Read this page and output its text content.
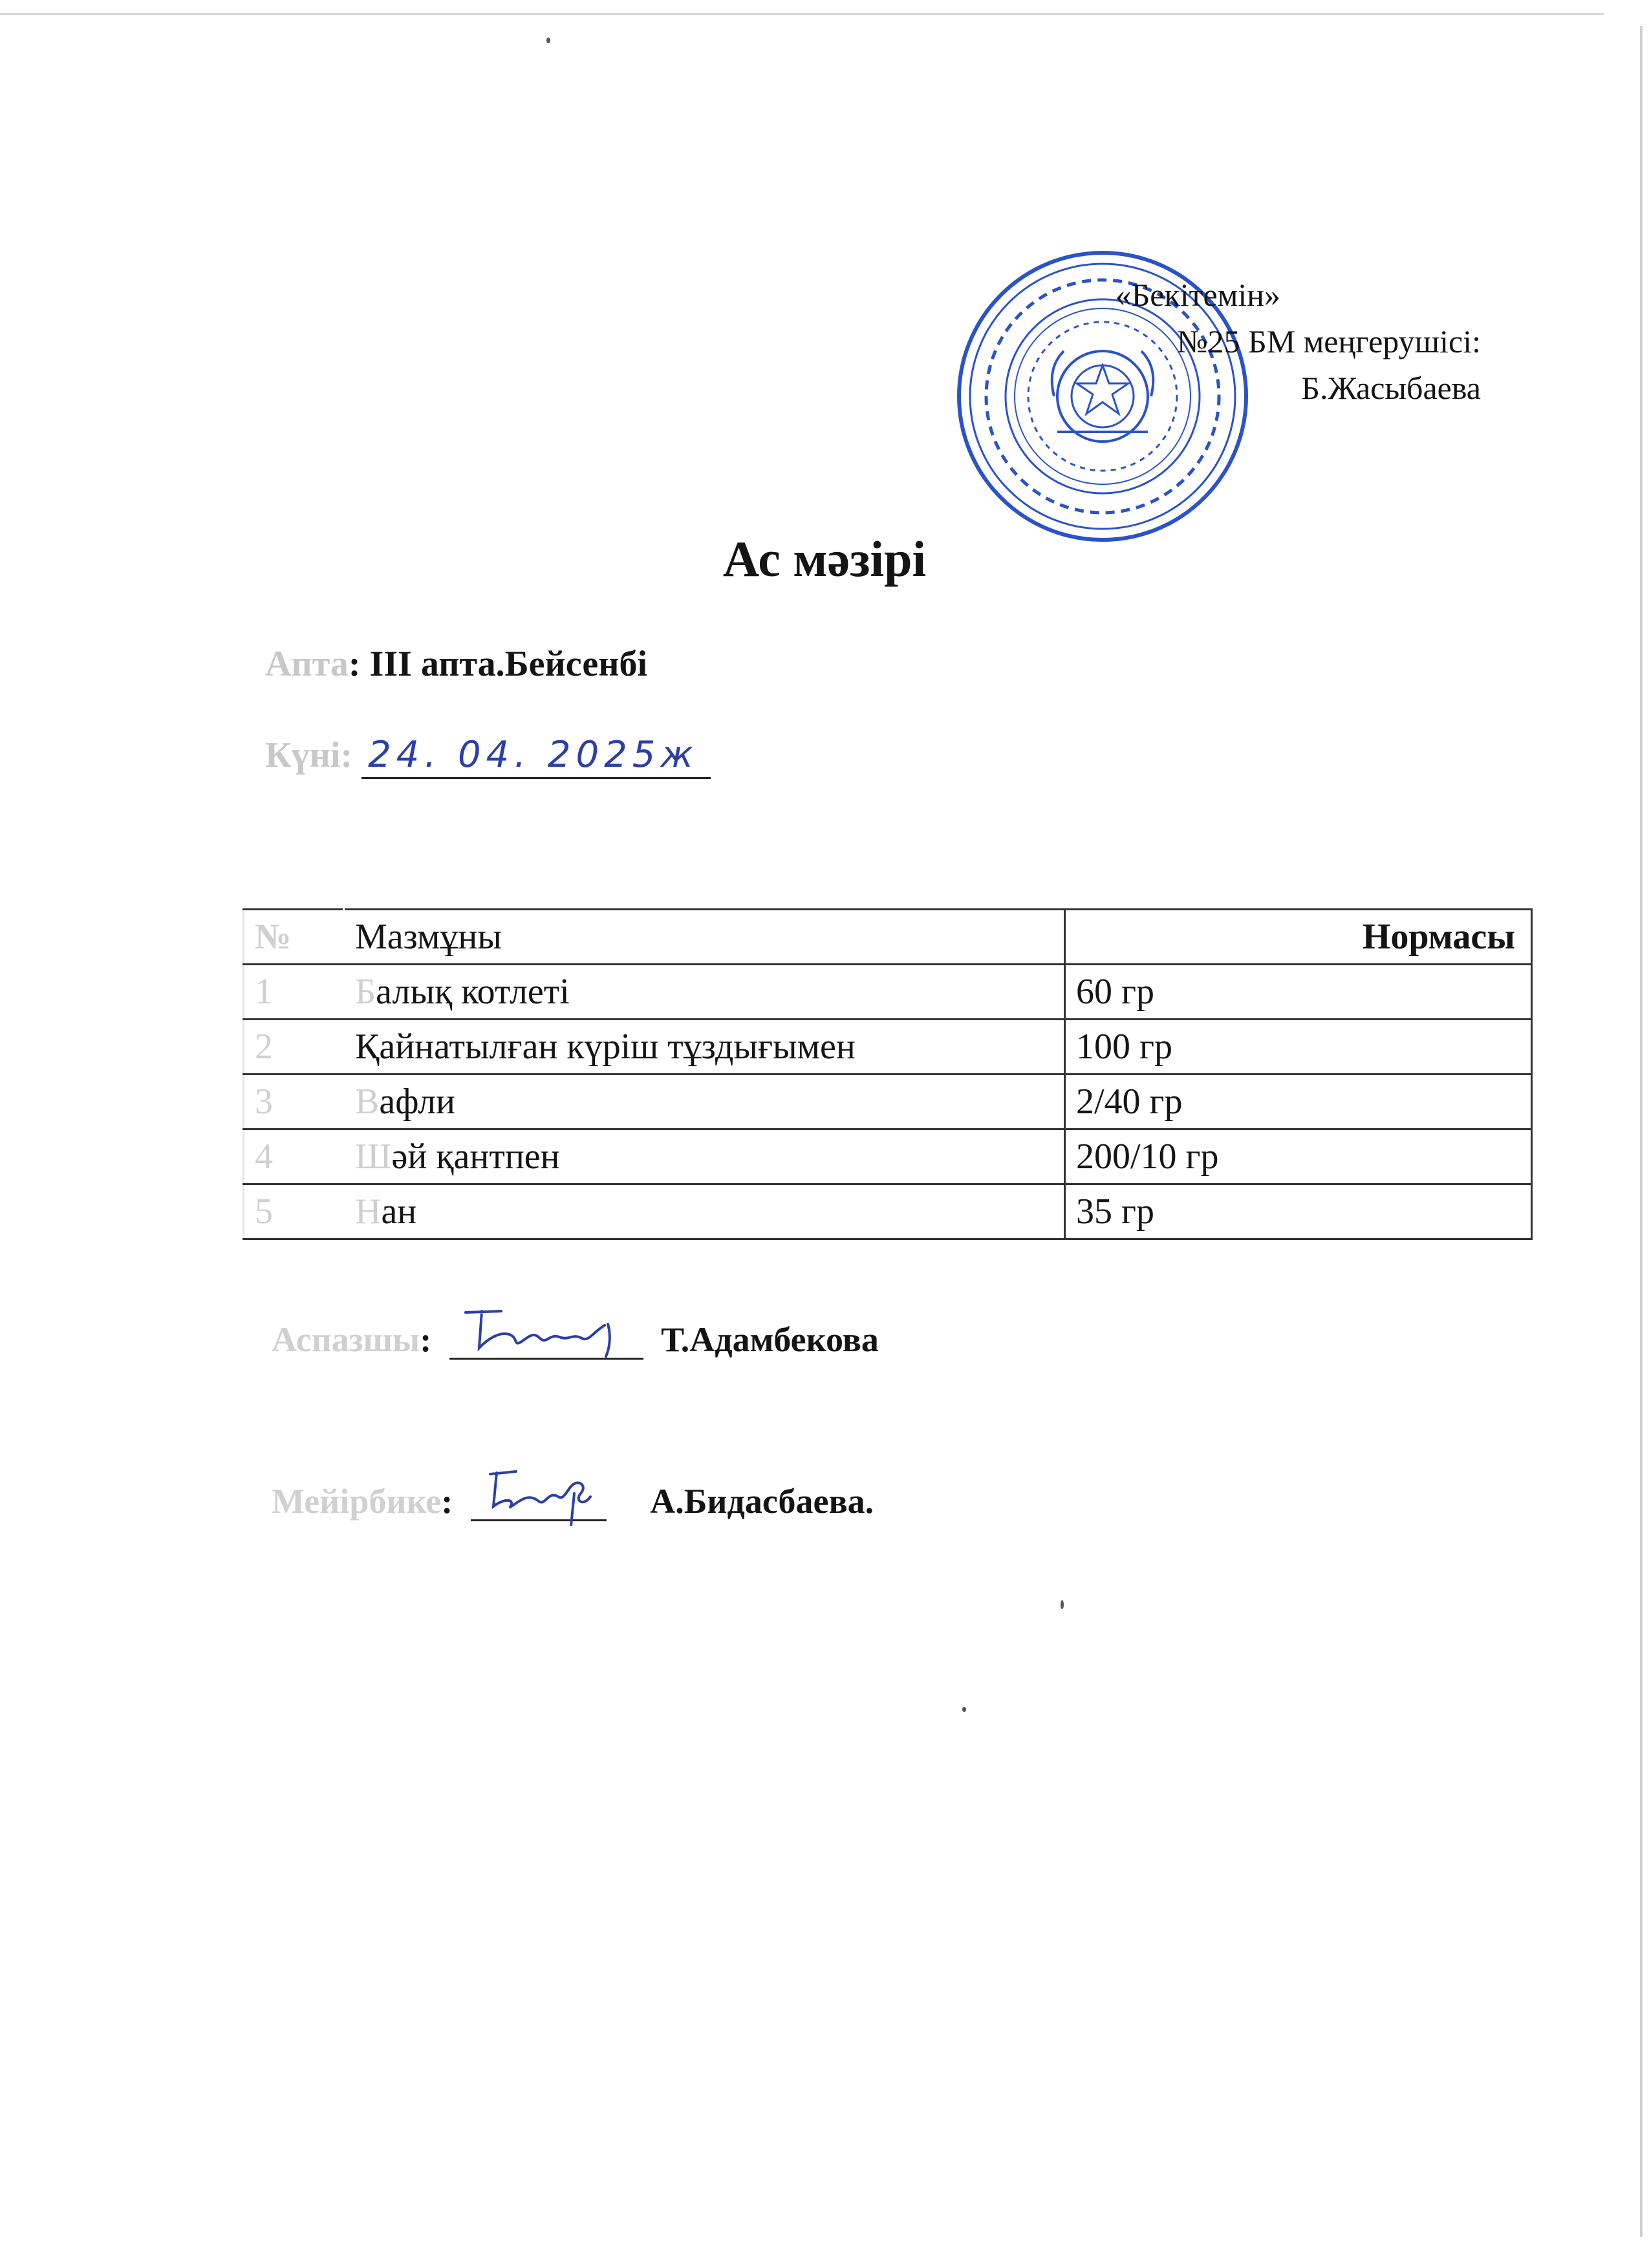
«Бекітемін»
№25 БМ меңгерушісі:
Б.Жасыбаева
Ас мәзірі
Апта: III апта.Бейсенбі
Күні: 24. 04. 2025ж
№	Мазмұны	Нормасы
1	Балық котлеті	60 гр
2	Қайнатылған күріш тұздығымен	100 гр
3	Вафли	2/40 гр
4	Шәй қантпен	200/10 гр
5	Нан	35 гр
Аспазшы:	Т.Адамбекова
Мейірбике:	А.Бидасбаева.
